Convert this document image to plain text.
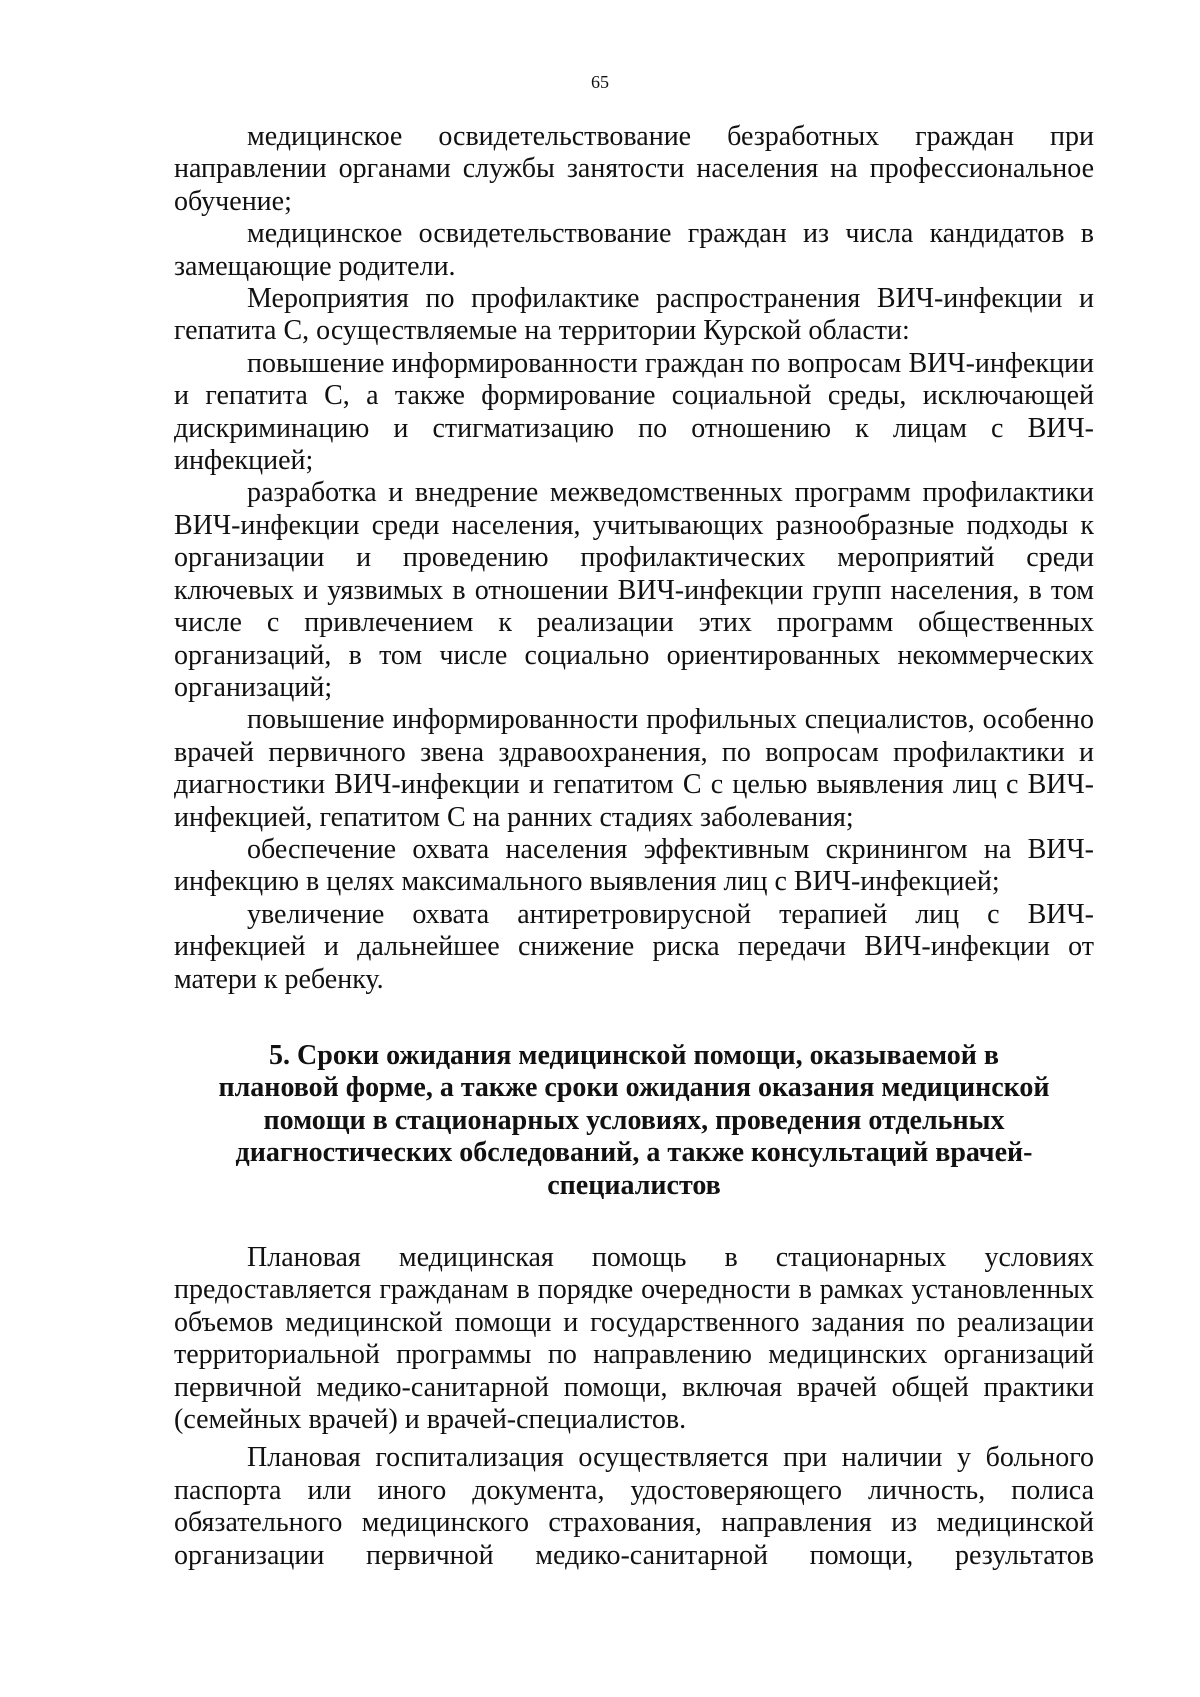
65

медицинское освидетельствование безработных граждан при направлении органами службы занятости населения на профессиональное обучение;

медицинское освидетельствование граждан из числа кандидатов в замещающие родители.

Мероприятия по профилактике распространения ВИЧ-инфекции и гепатита С, осуществляемые на территории Курской области:

повышение информированности граждан по вопросам ВИЧ-инфекции и гепатита С, а также формирование социальной среды, исключающей дискриминацию и стигматизацию по отношению к лицам с ВИЧ-инфекцией;

разработка и внедрение межведомственных программ профилактики ВИЧ-инфекции среди населения, учитывающих разнообразные подходы к организации и проведению профилактических мероприятий среди ключевых и уязвимых в отношении ВИЧ-инфекции групп населения, в том числе с привлечением к реализации этих программ общественных организаций, в том числе социально ориентированных некоммерческих организаций;

повышение информированности профильных специалистов, особенно врачей первичного звена здравоохранения, по вопросам профилактики и диагностики ВИЧ-инфекции и гепатитом С с целью выявления лиц с ВИЧ-инфекцией, гепатитом С на ранних стадиях заболевания;

обеспечение охвата населения эффективным скринингом на ВИЧ- инфекцию в целях максимального выявления лиц с ВИЧ-инфекцией;

увеличение охвата антиретровирусной терапией лиц с ВИЧ-инфекцией и дальнейшее снижение риска передачи ВИЧ-инфекции от матери к ребенку.

5. Сроки ожидания медицинской помощи, оказываемой в плановой форме, а также сроки ожидания оказания медицинской помощи в стационарных условиях, проведения отдельных диагностических обследований, а также консультаций врачей-специалистов

Плановая медицинская помощь в стационарных условиях предоставляется гражданам в порядке очередности в рамках установленных объемов медицинской помощи и государственного задания по реализации территориальной программы по направлению медицинских организаций первичной медико-санитарной помощи, включая врачей общей практики (семейных врачей) и врачей-специалистов.

Плановая госпитализация осуществляется при наличии у больного паспорта или иного документа, удостоверяющего личность, полиса обязательного медицинского страхования, направления из медицинской организации первичной медико-санитарной помощи, результатов
